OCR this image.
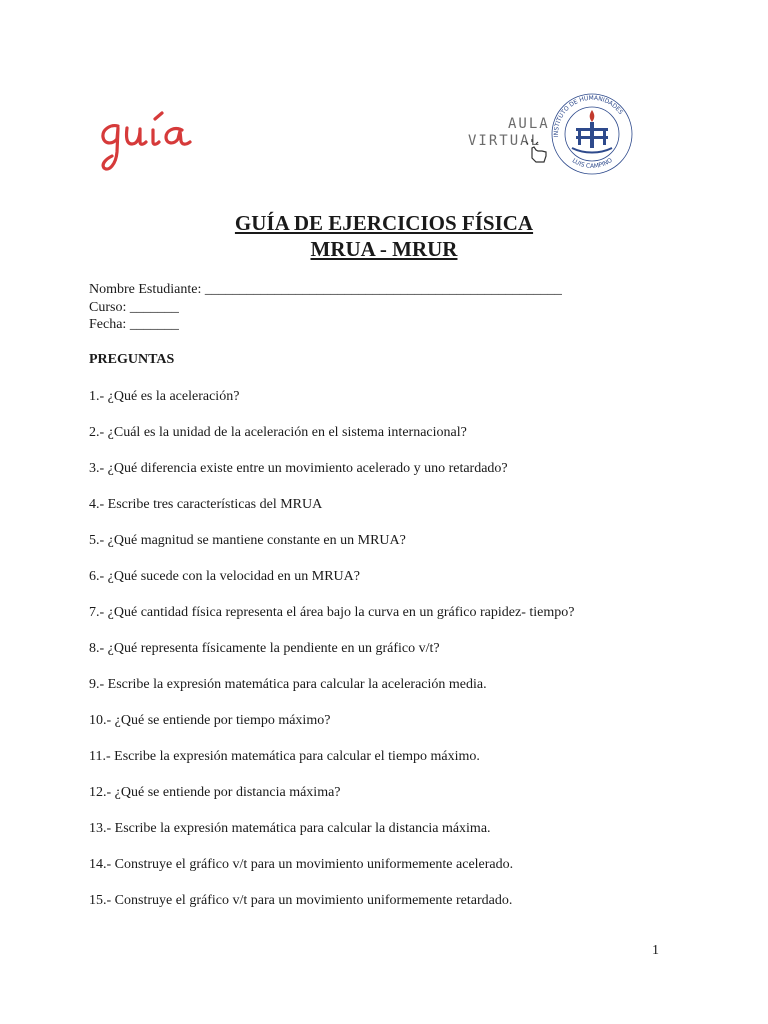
AULA
VIRTUAL INSTITUTO DE HUMANIDADES
LUIS CAMPINO
GUÍA DE EJERCICIOS FÍSICA
MRUA - MRUR
Nombre Estudiante: ___________________________________________________
Curso: _______
Fecha: _______
PREGUNTAS
1.- ¿Qué es la aceleración?
2.- ¿Cuál es la unidad de la aceleración en el sistema internacional?
3.- ¿Qué diferencia existe entre un movimiento acelerado y uno retardado?
4.- Escribe tres características del MRUA
5.- ¿Qué magnitud se mantiene constante en un MRUA?
6.- ¿Qué sucede con la velocidad en un MRUA?
7.- ¿Qué cantidad física representa el área bajo la curva en un gráfico rapidez- tiempo?
8.- ¿Qué representa físicamente la pendiente en un gráfico v/t?
9.- Escribe la expresión matemática para calcular la aceleración media.
10.- ¿Qué se entiende por tiempo máximo?
11.- Escribe la expresión matemática para calcular el tiempo máximo.
12.- ¿Qué se entiende por distancia máxima?
13.- Escribe la expresión matemática para calcular la distancia máxima.
14.- Construye el gráfico v/t para un movimiento uniformemente acelerado.
15.- Construye el gráfico v/t para un movimiento uniformemente retardado.
1
